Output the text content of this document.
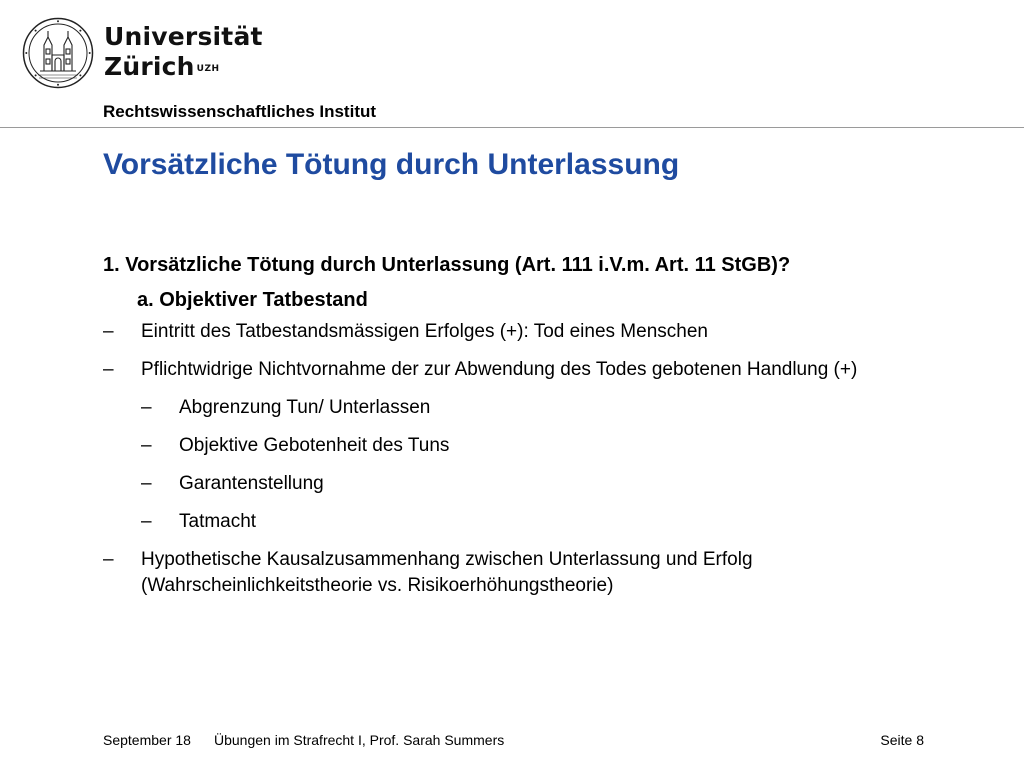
Universität
Zürich $^{UZH}$
Rechtswissenschaftliches Institut
Vorsätzliche Tötung durch Unterlassung

1. Vorsätzliche Tötung durch Unterlassung (Art. 111 i.V.m. Art. 11 StGB)?

a. Objektiver Tatbestand

–	Eintritt des Tatbestandsmässigen Erfolges (+): Tod eines Menschen
–	Pflichtwidrige Nichtvornahme der zur Abwendung des Todes gebotenen Handlung (+)
–	Abgrenzung Tun/ Unterlassen
–	Objektive Gebotenheit des Tuns
–	Garantenstellung
–	Tatmacht
–	Hypothetische Kausalzusammenhang zwischen Unterlassung und Erfolg (Wahrscheinlichkeitstheorie vs. Risikoerhöhungstheorie)
September 18 Übungen im Strafrecht I, Prof. Sarah Summers	Seite 8
